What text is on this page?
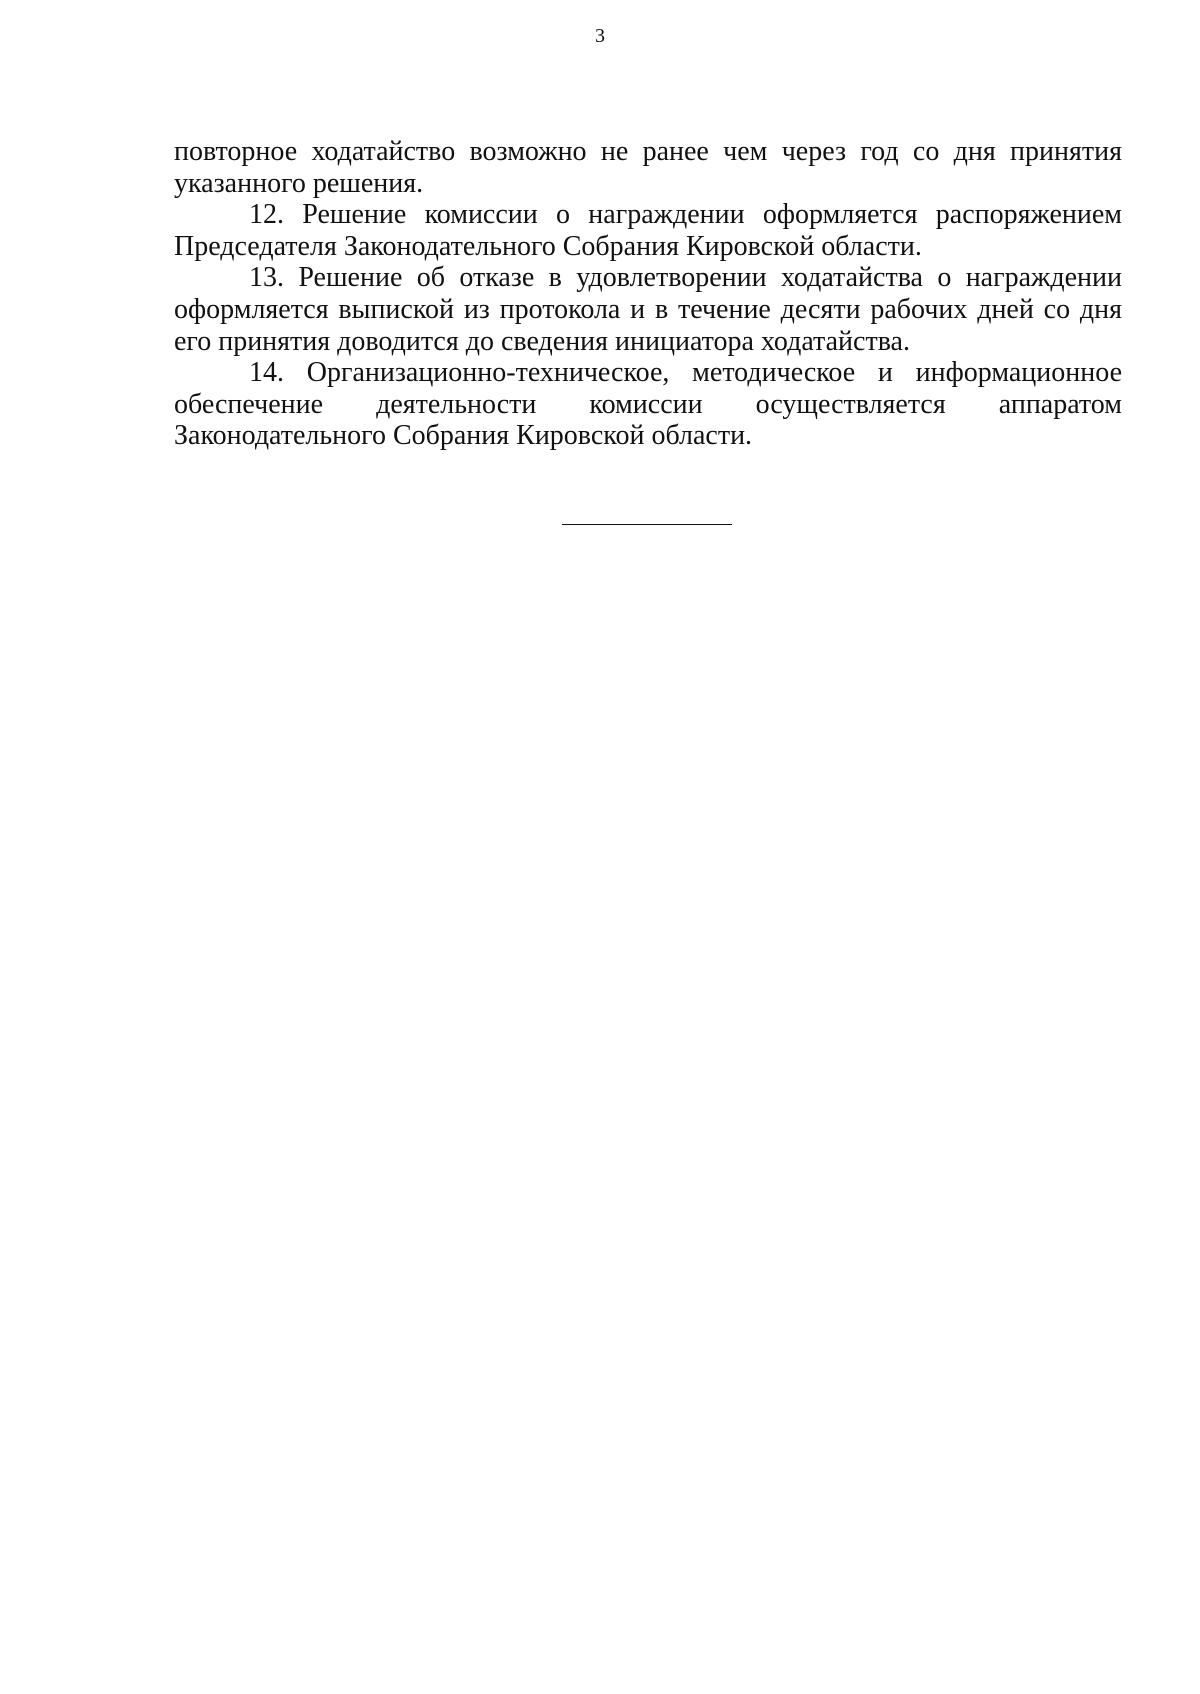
3

повторное ходатайство возможно не ранее чем через год со дня принятия
указанного решения.

12. Решение комиссии о награждении оформляется распоряжением
Председателя Законодательного Собрания Кировской области.

13. Решение об отказе в удовлетворении ходатайства о награждении
оформляется выпиской из протокола и в течение десяти рабочих дней со дня
его принятия доводится до сведения инициатора ходатайства.

14. Организационно-техническое, методическое и информационное
обеспечение деятельности комиссии осуществляется аппаратом
Законодательного Собрания Кировской области.
